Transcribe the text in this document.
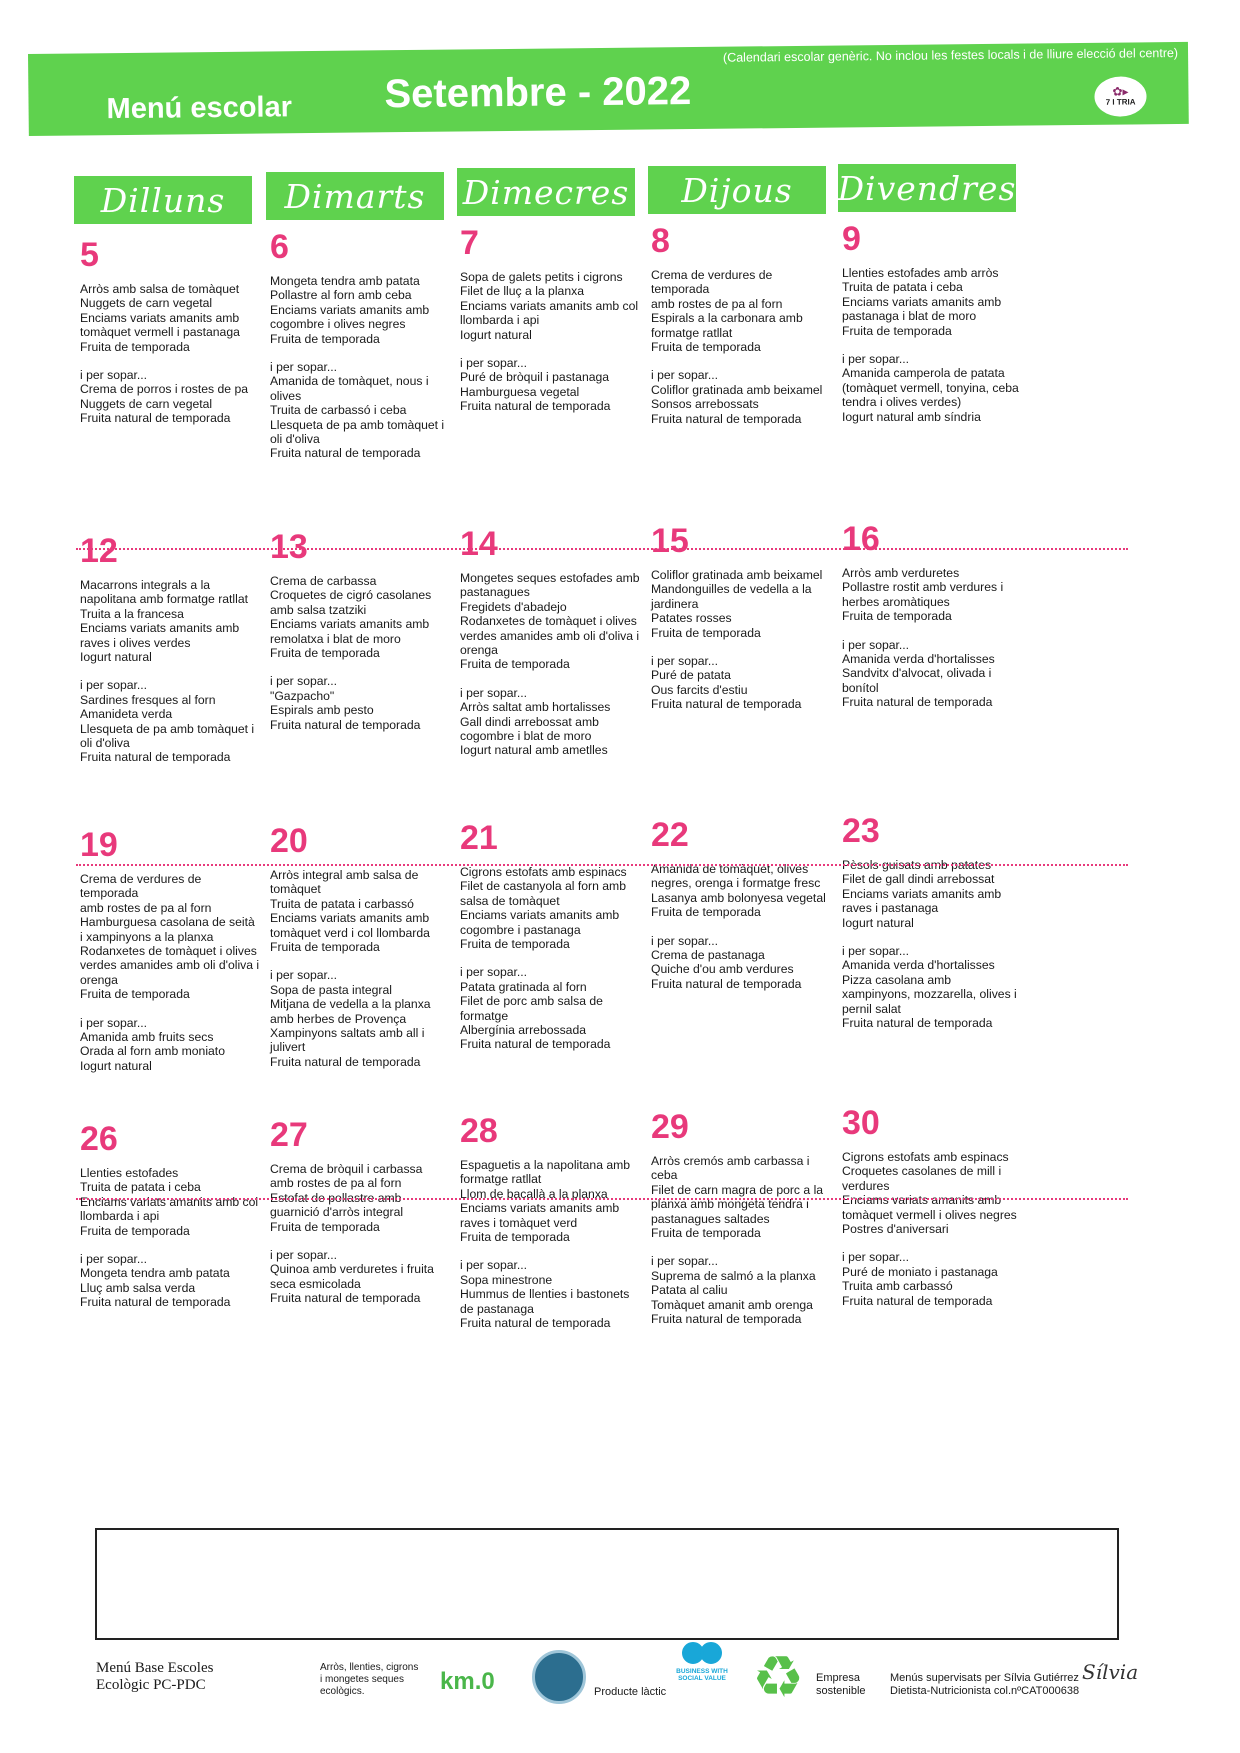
(Calendari escolar genèric. No inclou les festes locals i de lliure elecció del centre)
Menú escolar Setembre - 2022	✿▸
7 I TRIA
Dilluns Dimarts Dimecres Dijous Divendres
5
Arròs amb salsa de tomàquet
Nuggets de carn vegetal
Enciams variats amanits amb
tomàquet vermell i pastanaga
Fruita de temporada
i per sopar...
Crema de porros i rostes de pa
Nuggets de carn vegetal
Fruita natural de temporada
6
Mongeta tendra amb patata
Pollastre al forn amb ceba
Enciams variats amanits amb
cogombre i olives negres
Fruita de temporada
i per sopar...
Amanida de tomàquet, nous i
olives
Truita de carbassó i ceba
Llesqueta de pa amb tomàquet i
oli d'oliva
Fruita natural de temporada
7
Sopa de galets petits i cigrons
Filet de lluç a la planxa
Enciams variats amanits amb col
llombarda i api
Iogurt natural
i per sopar...
Puré de bròquil i pastanaga
Hamburguesa vegetal
Fruita natural de temporada
8
Crema de verdures de
temporada
amb rostes de pa al forn
Espirals a la carbonara amb
formatge ratllat
Fruita de temporada
i per sopar...
Coliflor gratinada amb beixamel
Sonsos arrebossats
Fruita natural de temporada
9
Llenties estofades amb arròs
Truita de patata i ceba
Enciams variats amanits amb
pastanaga i blat de moro
Fruita de temporada
i per sopar...
Amanida camperola de patata
(tomàquet vermell, tonyina, ceba
tendra i olives verdes)
Iogurt natural amb síndria
12
Macarrons integrals a la
napolitana amb formatge ratllat
Truita a la francesa
Enciams variats amanits amb
raves i olives verdes
Iogurt natural
i per sopar...
Sardines fresques al forn
Amanideta verda
Llesqueta de pa amb tomàquet i
oli d'oliva
Fruita natural de temporada
13
Crema de carbassa
Croquetes de cigró casolanes
amb salsa tzatziki
Enciams variats amanits amb
remolatxa i blat de moro
Fruita de temporada
i per sopar...
"Gazpacho"
Espirals amb pesto
Fruita natural de temporada
14
Mongetes seques estofades amb
pastanagues
Fregidets d'abadejo
Rodanxetes de tomàquet i olives
verdes amanides amb oli d'oliva i
orenga
Fruita de temporada
i per sopar...
Arròs saltat amb hortalisses
Gall dindi arrebossat amb
cogombre i blat de moro
Iogurt natural amb ametlles
15
Coliflor gratinada amb beixamel
Mandonguilles de vedella a la
jardinera
Patates rosses
Fruita de temporada
i per sopar...
Puré de patata
Ous farcits d'estiu
Fruita natural de temporada
16
Arròs amb verduretes
Pollastre rostit amb verdures i
herbes aromàtiques
Fruita de temporada
i per sopar...
Amanida verda d'hortalisses
Sandvitx d'alvocat, olivada i
bonítol
Fruita natural de temporada
19
Crema de verdures de
temporada
amb rostes de pa al forn
Hamburguesa casolana de seità
i xampinyons a la planxa
Rodanxetes de tomàquet i olives
verdes amanides amb oli d'oliva i
orenga
Fruita de temporada
i per sopar...
Amanida amb fruits secs
Orada al forn amb moniato
Iogurt natural
20
Arròs integral amb salsa de
tomàquet
Truita de patata i carbassó
Enciams variats amanits amb
tomàquet verd i col llombarda
Fruita de temporada
i per sopar...
Sopa de pasta integral
Mitjana de vedella a la planxa
amb herbes de Provença
Xampinyons saltats amb all i
julivert
Fruita natural de temporada
21
Cigrons estofats amb espinacs
Filet de castanyola al forn amb
salsa de tomàquet
Enciams variats amanits amb
cogombre i pastanaga
Fruita de temporada
i per sopar...
Patata gratinada al forn
Filet de porc amb salsa de
formatge
Albergínia arrebossada
Fruita natural de temporada
22
Amanida de tomàquet, olives
negres, orenga i formatge fresc
Lasanya amb bolonyesa vegetal
Fruita de temporada
i per sopar...
Crema de pastanaga
Quiche d'ou amb verdures
Fruita natural de temporada
23
Pèsols guisats amb patates
Filet de gall dindi arrebossat
Enciams variats amanits amb
raves i pastanaga
Iogurt natural
i per sopar...
Amanida verda d'hortalisses
Pizza casolana amb
xampinyons, mozzarella, olives i
pernil salat
Fruita natural de temporada
26
Llenties estofades
Truita de patata i ceba
Enciams variats amanits amb col
llombarda i api
Fruita de temporada
i per sopar...
Mongeta tendra amb patata
Lluç amb salsa verda
Fruita natural de temporada
27
Crema de bròquil i carbassa
amb rostes de pa al forn
Estofat de pollastre amb
guarnició d'arròs integral
Fruita de temporada
i per sopar...
Quinoa amb verduretes i fruita
seca esmicolada
Fruita natural de temporada
28
Espaguetis a la napolitana amb
formatge ratllat
Llom de bacallà a la planxa
Enciams variats amanits amb
raves i tomàquet verd
Fruita de temporada
i per sopar...
Sopa minestrone
Hummus de llenties i bastonets
de pastanaga
Fruita natural de temporada
29
Arròs cremós amb carbassa i
ceba
Filet de carn magra de porc a la
planxa amb mongeta tendra i
pastanagues saltades
Fruita de temporada
i per sopar...
Suprema de salmó a la planxa
Patata al caliu
Tomàquet amanit amb orenga
Fruita natural de temporada
30
Cigrons estofats amb espinacs
Croquetes casolanes de mill i
verdures
Enciams variats amanits amb
tomàquet vermell i olives negres
Postres d'aniversari
i per sopar...
Puré de moniato i pastanaga
Truita amb carbassó
Fruita natural de temporada
Menú Base Escoles
Ecològic PC-PDC
Arròs, llenties, cigrons
i mongetes seques
ecològics.	km.0	Producte làctic
BUSINESS WITH SOCIAL VALUE ♻ Empresa
sostenible
Menús supervisats per Sílvia Gutiérrez
Dietista-Nutricionista col.nºCAT000638
Sílvia
